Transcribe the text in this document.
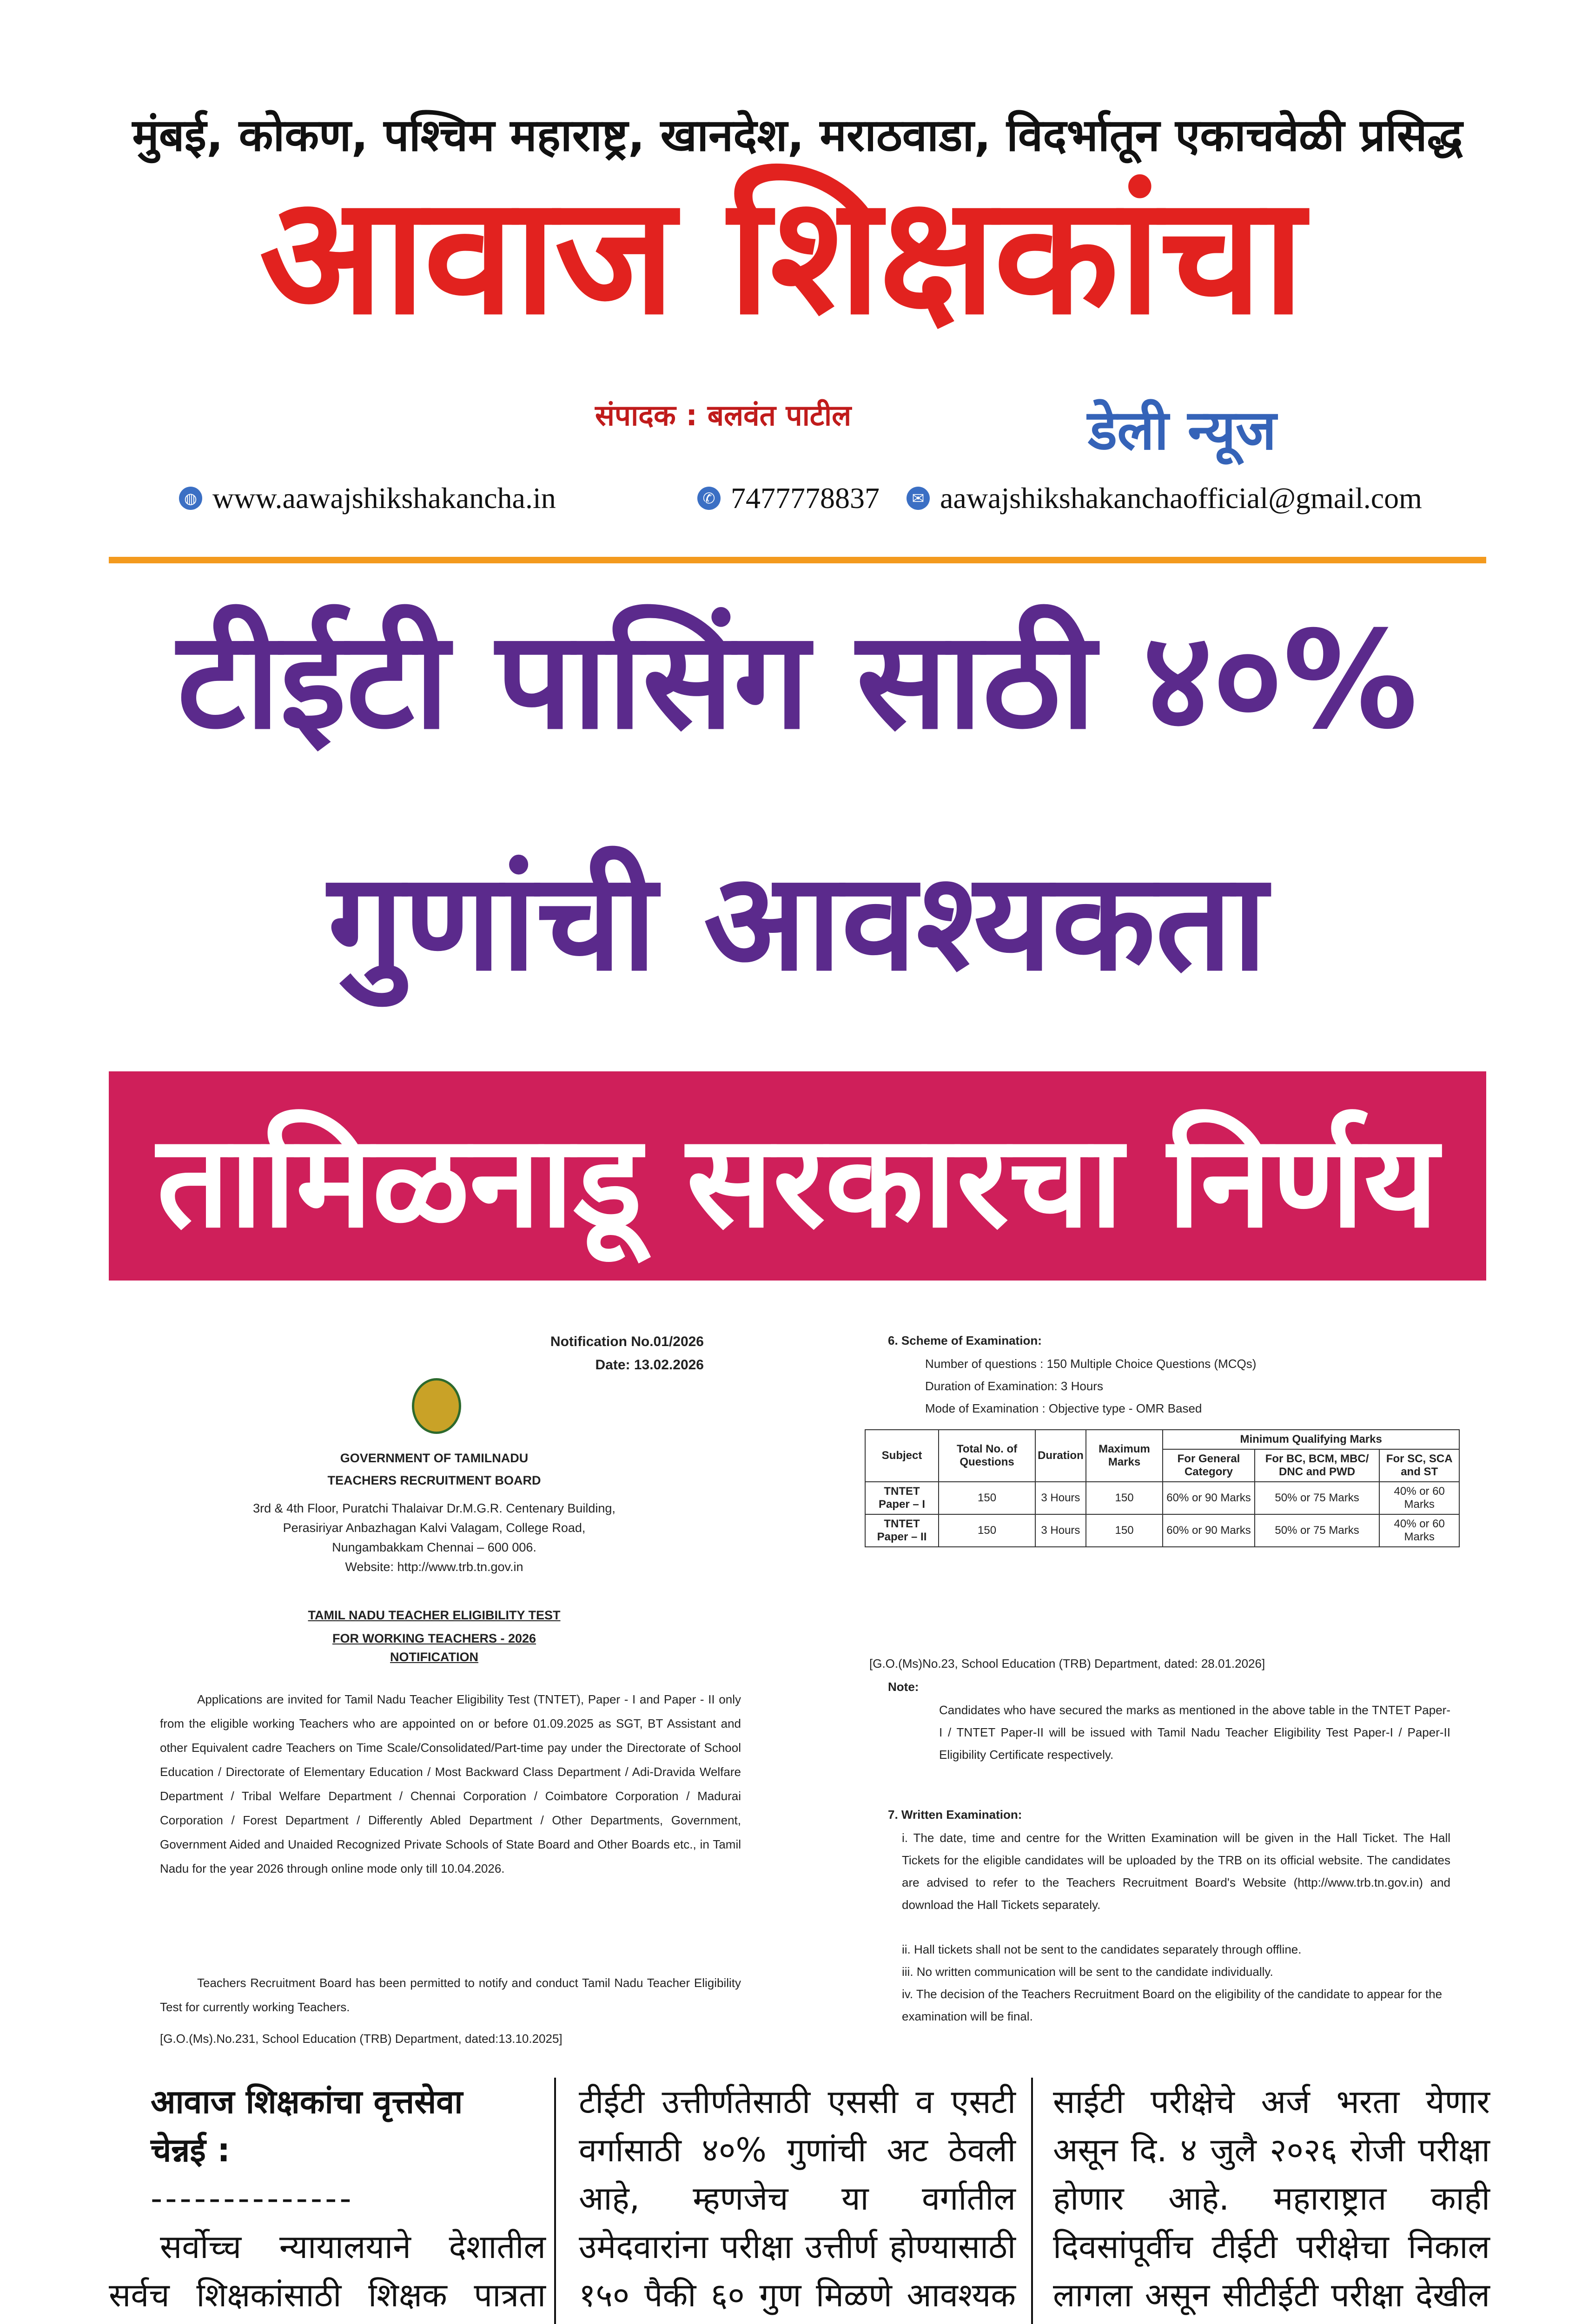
मुंबई, कोकण, पश्चिम महाराष्ट्र, खानदेश, मराठवाडा, विदर्भातून एकाचवेळी प्रसिद्ध
आवाज शिक्षकांचा
संपादक : बलवंत पाटील	डेली न्यूज
◍ www.aawajshikshakancha.in	✆ 7477778837	✉ aawajshikshakanchaofficial@gmail.com
टीईटी पासिंग साठी ४०%
गुणांची आवश्यकता
तामिळनाडू सरकारचा निर्णय
Notification No.01/2026
Date: 13.02.2026
GOVERNMENT OF TAMILNADU
TEACHERS RECRUITMENT BOARD
3rd & 4th Floor, Puratchi Thalaivar Dr.M.G.R. Centenary Building,
Perasiriyar Anbazhagan Kalvi Valagam, College Road,
Nungambakkam Chennai – 600 006.
Website: http://www.trb.tn.gov.in
TAMIL NADU TEACHER ELIGIBILITY TEST
FOR WORKING TEACHERS - 2026
NOTIFICATION
Applications are invited for Tamil Nadu Teacher Eligibility Test (TNTET), Paper - I and Paper - II only from the eligible working Teachers who are appointed on or before 01.09.2025 as SGT, BT Assistant and other Equivalent cadre Teachers on Time Scale/Consolidated/Part-time pay under the Directorate of School Education / Directorate of Elementary Education / Most Backward Class Department / Adi-Dravida Welfare Department / Tribal Welfare Department / Chennai Corporation / Coimbatore Corporation / Madurai Corporation / Forest Department / Differently Abled Department / Other Departments, Government, Government Aided and Unaided Recognized Private Schools of State Board and Other Boards etc., in Tamil Nadu for the year 2026 through online mode only till 10.04.2026.
Teachers Recruitment Board has been permitted to notify and conduct Tamil Nadu Teacher Eligibility Test for currently working Teachers.
[G.O.(Ms).No.231, School Education (TRB) Department, dated:13.10.2025]
6. Scheme of Examination:
Number of questions : 150 Multiple Choice Questions (MCQs)
Duration of Examination: 3 Hours
Mode of Examination : Objective type - OMR Based
Subject	Total No. of Questions	Duration	Maximum Marks	Minimum Qualifying Marks		
				For General Category	For BC, BCM, MBC/ DNC and PWD	For SC, SCA and ST
TNTET Paper – I	150	3 Hours	150	60% or 90 Marks	50% or 75 Marks	40% or 60 Marks
TNTET Paper – II	150	3 Hours	150	60% or 90 Marks	50% or 75 Marks	40% or 60 Marks
[G.O.(Ms)No.23, School Education (TRB) Department, dated: 28.01.2026]
Note:
Candidates who have secured the marks as mentioned in the above table in the TNTET Paper-I / TNTET Paper-II will be issued with Tamil Nadu Teacher Eligibility Test Paper-I / Paper-II Eligibility Certificate respectively.
7. Written Examination:
i. The date, time and centre for the Written Examination will be given in the Hall Ticket. The Hall Tickets for the eligible candidates will be uploaded by the TRB on its official website. The candidates are advised to refer to the Teachers Recruitment Board's Website (http://www.trb.tn.gov.in) and download the Hall Tickets separately.
ii. Hall tickets shall not be sent to the candidates separately through offline.
iii. No written communication will be sent to the candidate individually.
iv. The decision of the Teachers Recruitment Board on the eligibility of the candidate to appear for the examination will be final.

आवाज शिक्षकांचा वृत्तसेवा

चेन्नई :

--------------

सर्वोच्च न्यायालयाने देशातील सर्वच शिक्षकांसाठी शिक्षक पात्रता

टीईटी उत्तीर्णतेसाठी एससी व एसटी वर्गासाठी ४०% गुणांची अट ठेवली आहे, म्हणजेच या वर्गातील उमेदवारांना परीक्षा उत्तीर्ण होण्यासाठी १५० पैकी ६० गुण मिळणे आवश्यक

साईटी परीक्षेचे अर्ज भरता येणार असून दि. ४ जुलै २०२६ रोजी परीक्षा होणार आहे. महाराष्ट्रात काही दिवसांपूर्वीच टीईटी परीक्षेचा निकाल लागला असून सीटीईटी परीक्षा देखील
